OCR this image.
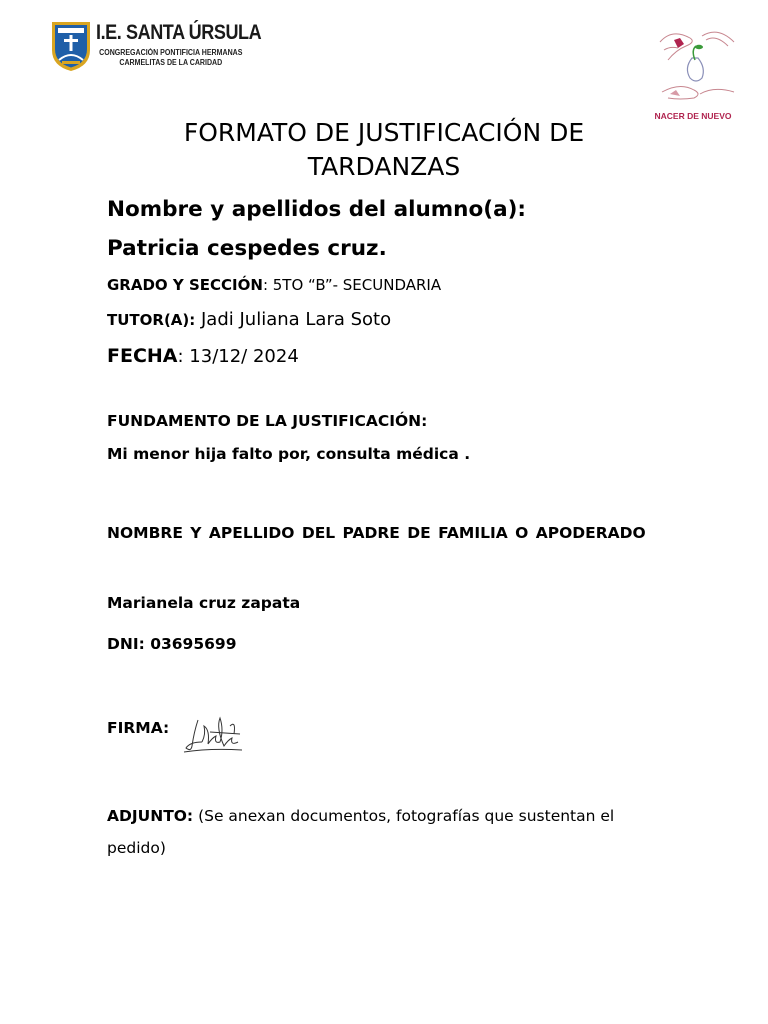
I.E. SANTA ÚRSULA
CONGREGACIÓN PONTIFICIA HERMANAS
CARMELITAS DE LA CARIDAD
NACER DE NUEVO
FORMATO DE JUSTIFICACIÓN DE
TARDANZAS
Nombre y apellidos del alumno(a):
Patricia cespedes cruz.
GRADO Y SECCIÓN: 5TO “B”- SECUNDARIA
TUTOR(A): Jadi Juliana Lara Soto
FECHA: 13/12/ 2024
FUNDAMENTO DE LA JUSTIFICACIÓN:
Mi menor hija falto por, consulta médica .
NOMBRE Y APELLIDO DEL PADRE DE FAMILIA O APODERADO
Marianela cruz zapata
DNI: 03695699
FIRMA:
ADJUNTO: (Se anexan documentos, fotografías que sustentan el pedido)
